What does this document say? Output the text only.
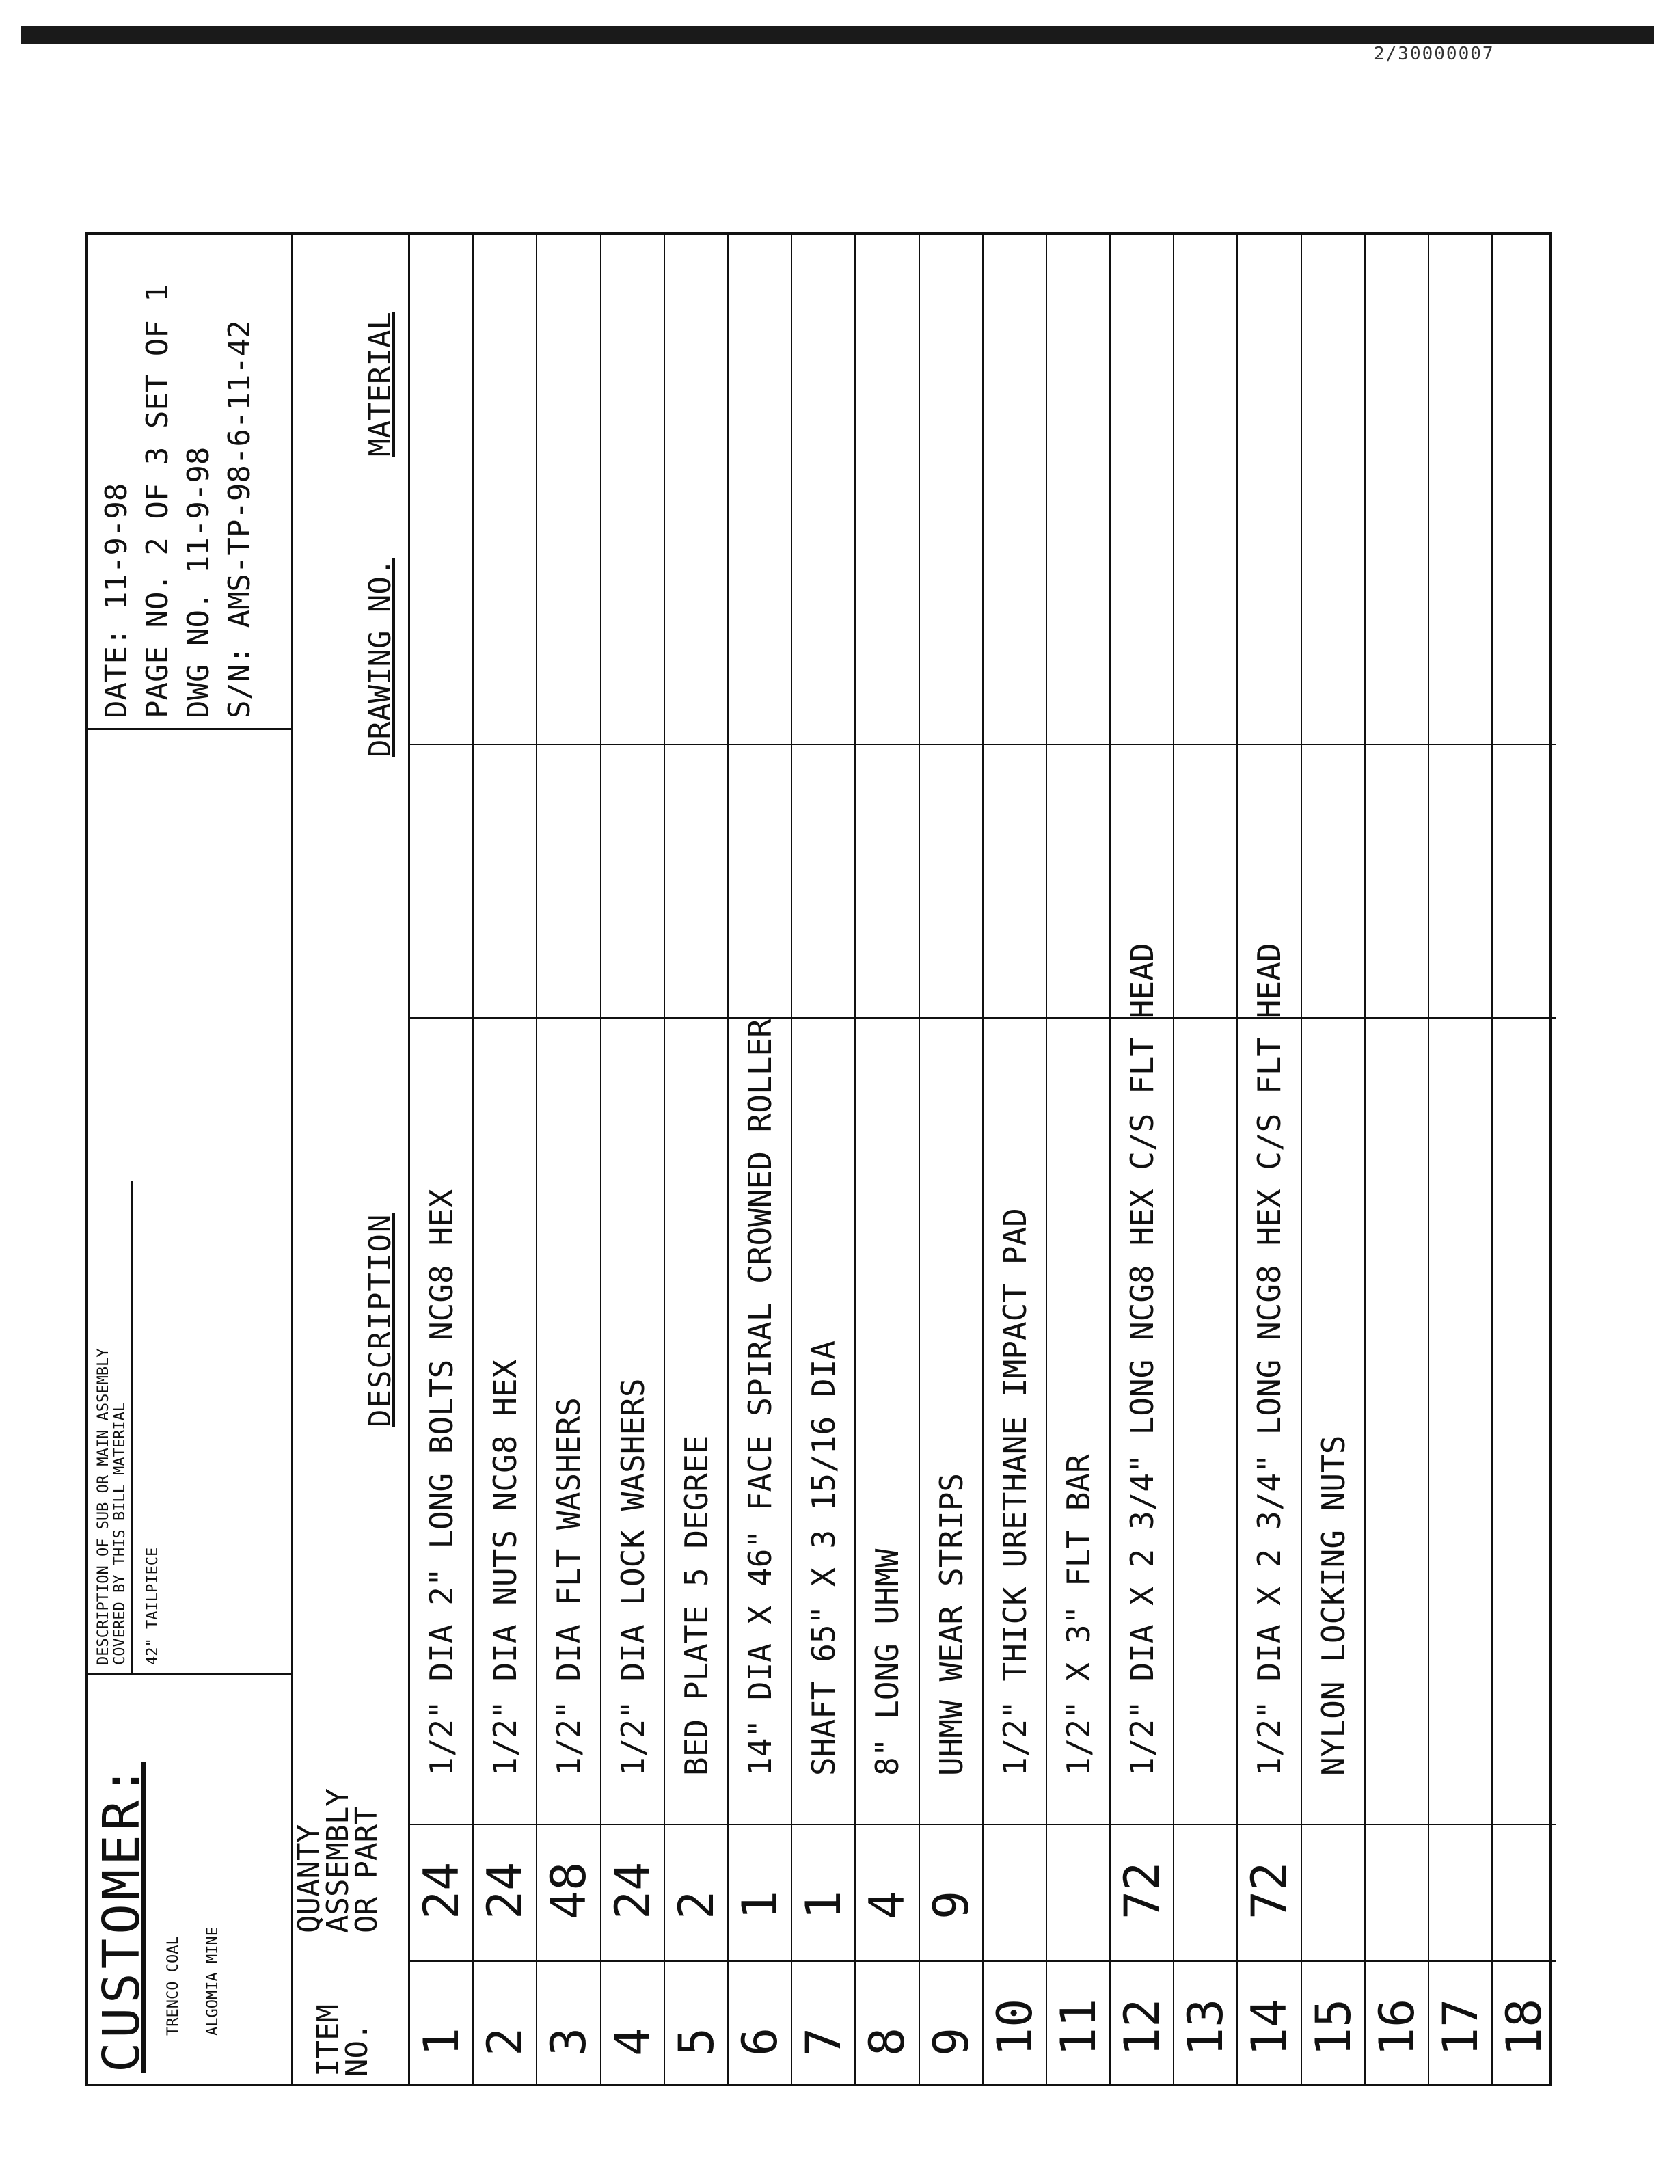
2/30000007
CUSTOMER: TRENCO COAL ALGOMIA MINE
DESCRIPTION OF SUB OR MAIN ASSEMBLY COVERED BY THIS BILL MATERIAL 42" TAILPIECE
DATE: 11-9-98 PAGE NO. 2 OF 3 SET OF 1 DWG NO. 11-9-98 S/N: AMS-TP-98-6-11-42
ITEM
NO.
QUANTY
ASSEMBLY
OR PART
DESCRIPTION
DRAWING NO.
MATERIAL
1
24
1/2" DIA 2" LONG BOLTS NCG8 HEX
2
24
1/2" DIA NUTS NCG8 HEX
3
48
1/2" DIA FLT WASHERS
4
24
1/2" DIA LOCK WASHERS
5
2
BED PLATE 5 DEGREE
6
1
14" DIA X 46" FACE SPIRAL CROWNED ROLLER
7
1
SHAFT 65" X 3 15/16 DIA
8
4
8" LONG UHMW
9
9
UHMW WEAR STRIPS
10
1/2" THICK URETHANE IMPACT PAD
11
1/2" X 3" FLT BAR
12
72
1/2" DIA X 2 3/4" LONG NCG8 HEX C/S FLT HEAD
13 14
72
1/2" DIA X 2 3/4" LONG NCG8 HEX C/S FLT HEAD
15
NYLON LOCKING NUTS
16 17 18
